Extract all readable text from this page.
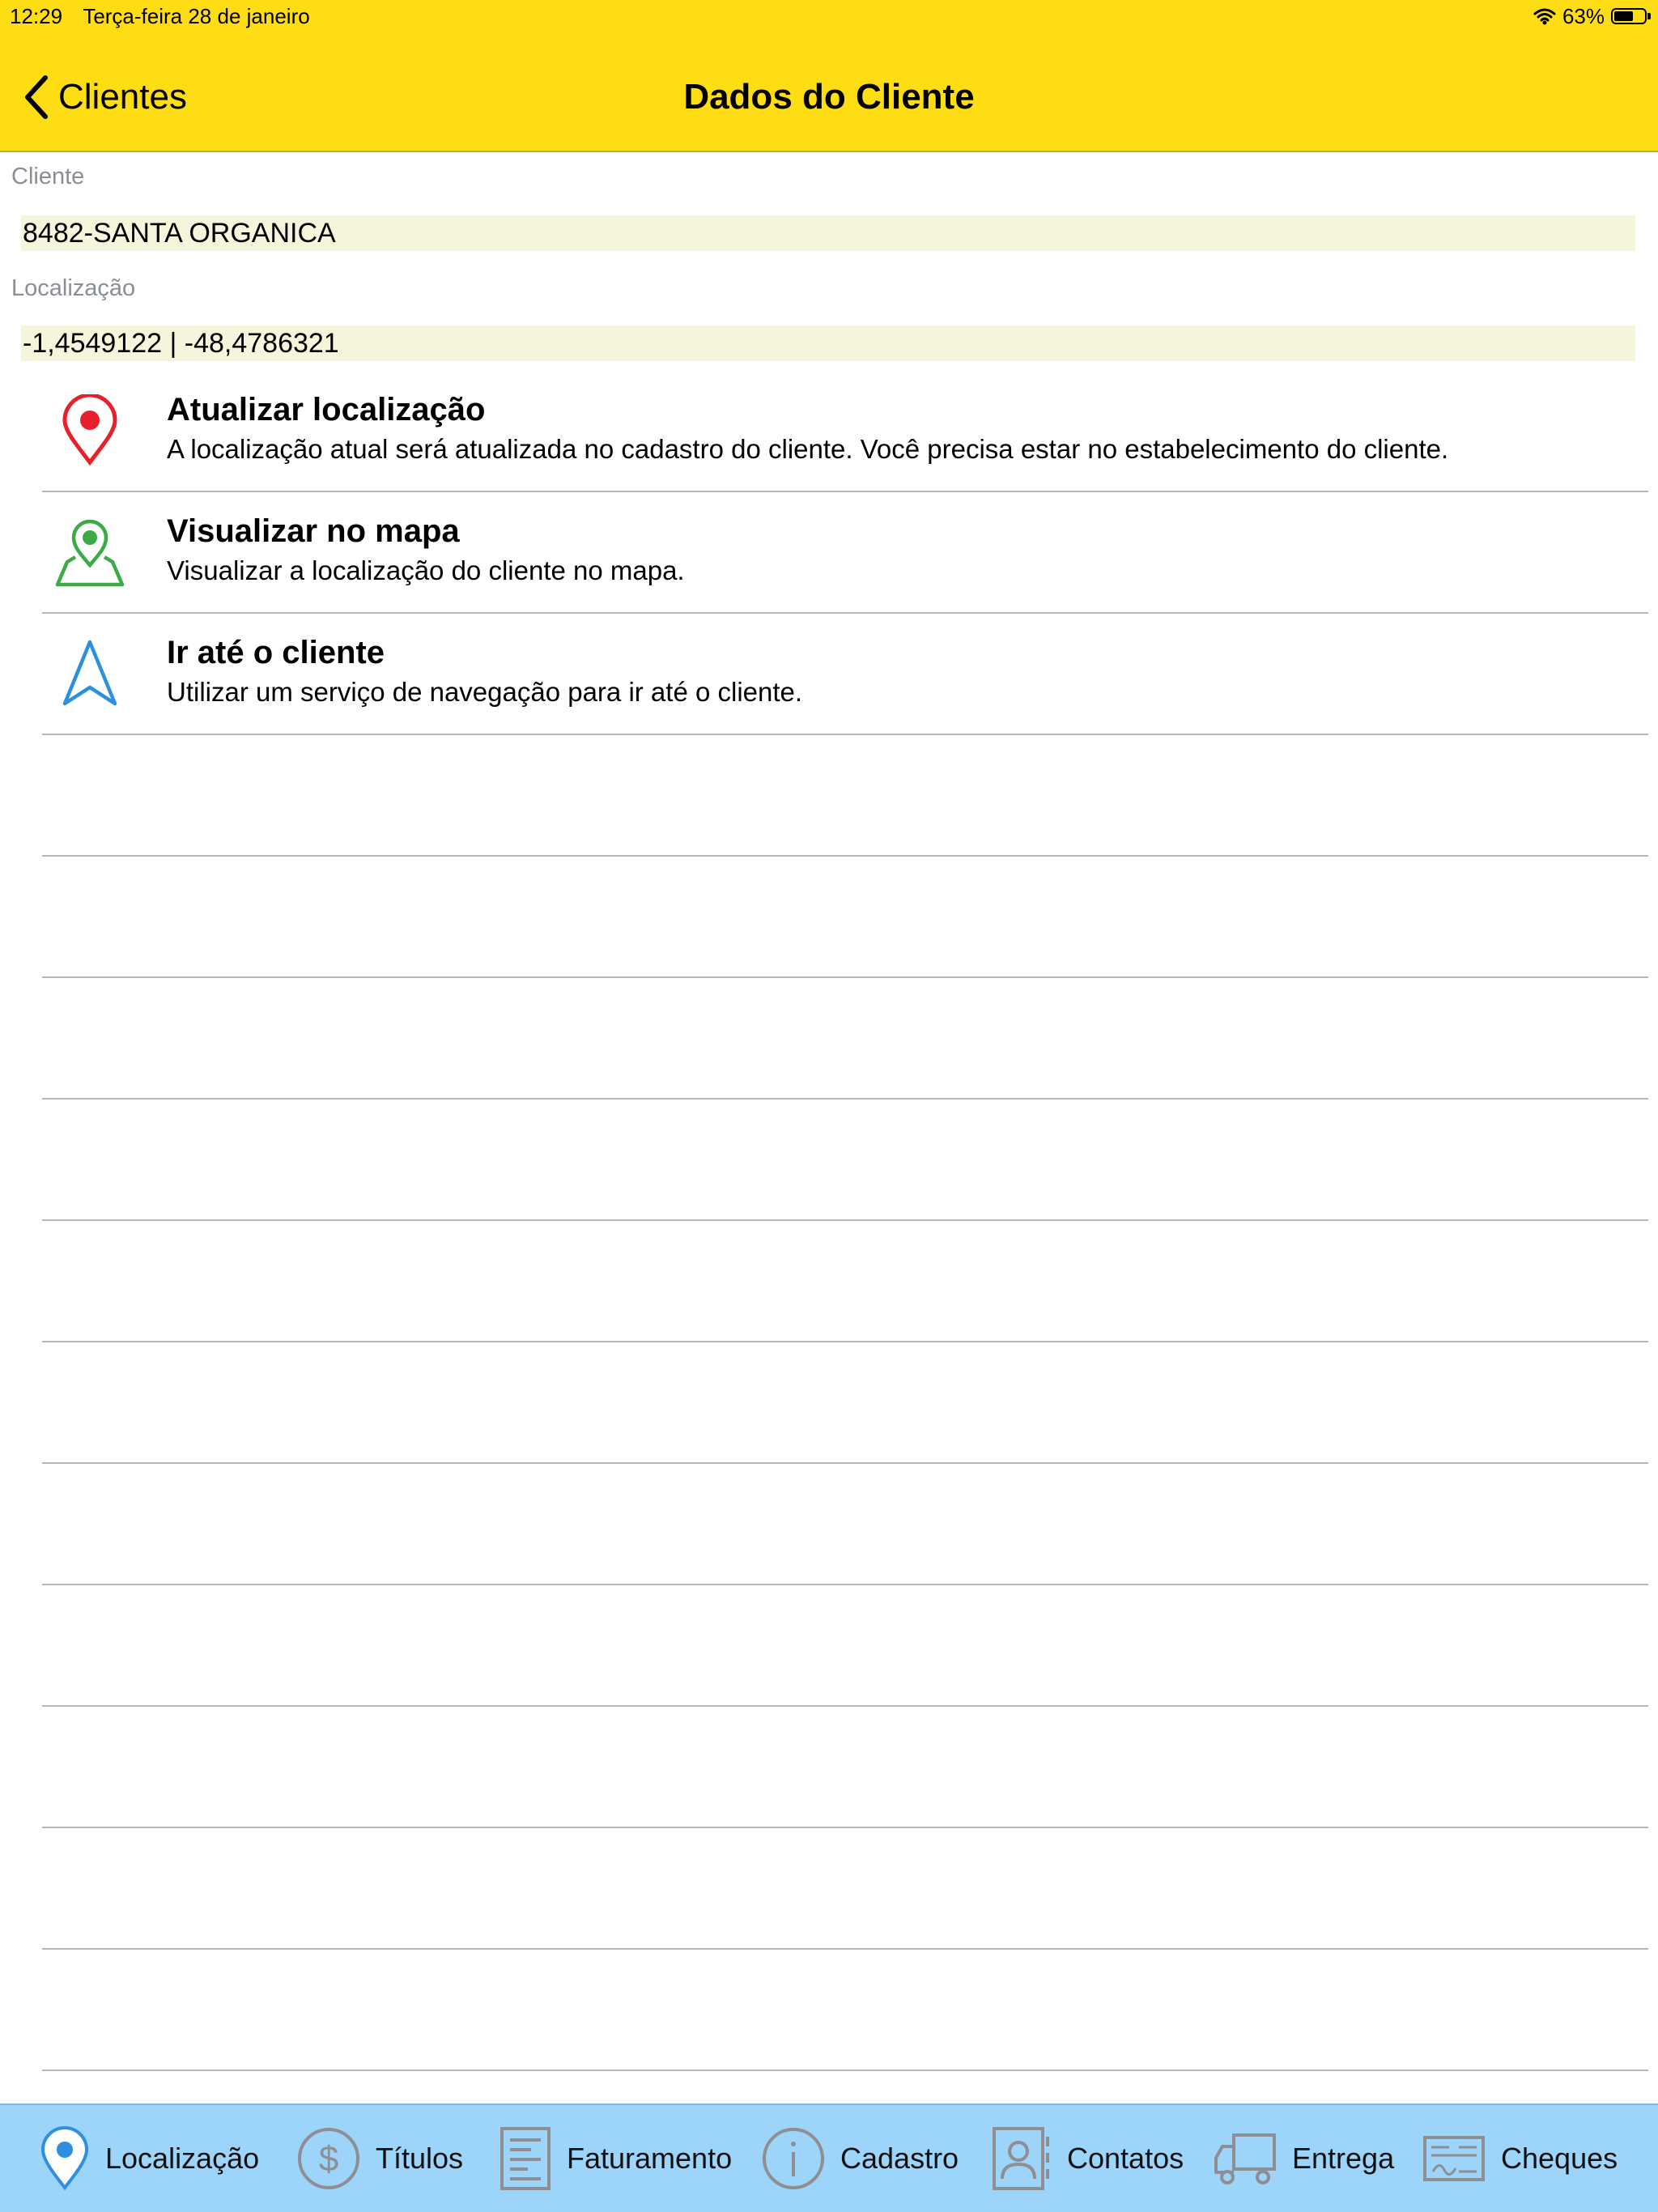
12:29 Terça-feira 28 de janeiro	63%
Clientes	Dados do Cliente
Cliente
8482-SANTA ORGANICA
Localização
-1,4549122 | -48,4786321
Atualizar localização
A localização atual será atualizada no cadastro do cliente. Você precisa estar no estabelecimento do cliente.
Visualizar no mapa
Visualizar a localização do cliente no mapa.
Ir até o cliente
Utilizar um serviço de navegação para ir até o cliente.
Localização $ Títulos	Faturamento	Cadastro	Contatos	Entrega	Cheques
